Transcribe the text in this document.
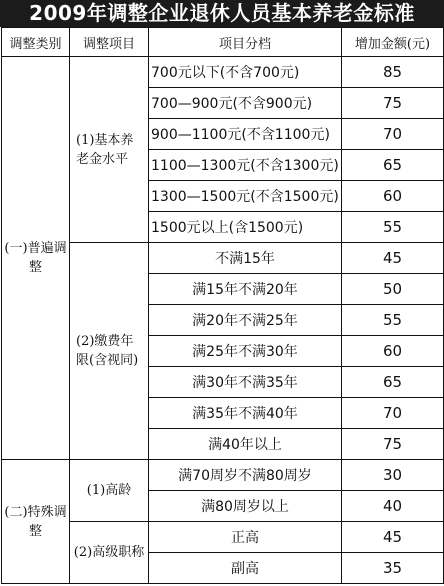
2009年调整企业退休人员基本养老金标准
调整类别	调整项目	项目分档	增加金额(元)
(一)普遍调整	(1)基本养老金水平	700元以下(不含700元)	85
		700—900元(不含900元)	75
		900—1100元(不含1100元)	70
		1100—1300元(不含1300元)	65
		1300—1500元(不含1500元)	60
		1500元以上(含1500元)	55
	(2)缴费年限(含视同)	不满15年	45
		满15年不满20年	50
		满20年不满25年	55
		满25年不满30年	60
		满30年不满35年	65
		满35年不满40年	70
		满40年以上	75
(二)特殊调整	(1)高龄	满70周岁不满80周岁	30
		满80周岁以上	40
	(2)高级职称	正高	45
		副高	35
